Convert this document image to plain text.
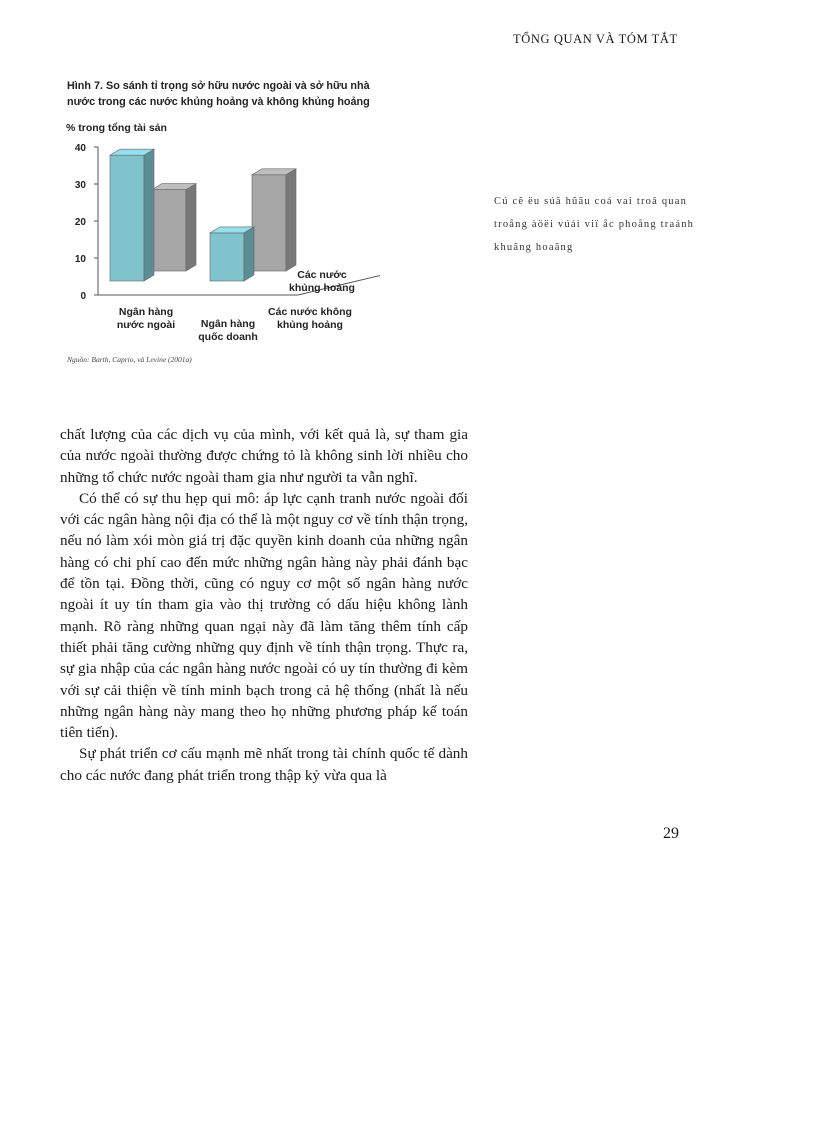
TỔNG QUAN VÀ TÓM TẮT
Hình 7. So sánh tỉ trọng sở hữu nước ngoài và sở hữu nhà
nước trong các nước khủng hoảng và không khủng hoảng
% trong tổng tài sản
0
10
20
30
40
Ngân hàng
nước ngoài Ngân hàng
quốc doanh
Các nước
khủng hoảng
Các nước không
khủng hoảng
Nguồn: Barth, Caprio, và Levine (2001a)
Cú cê ëu súã hũãu coá vai troâ quan
troång àöëi vúái viï åc phoång traánh
khuãng hoaãng

chất lượng của các dịch vụ của mình, với kết quả là, sự tham gia của nước ngoài thường được chứng tỏ là không sinh lời nhiều cho những tổ chức nước ngoài tham gia như người ta vẫn nghĩ.

Có thể có sự thu hẹp qui mô: áp lực cạnh tranh nước ngoài đối với các ngân hàng nội địa có thể là một nguy cơ về tính thận trọng, nếu nó làm xói mòn giá trị đặc quyền kinh doanh của những ngân hàng có chi phí cao đến mức những ngân hàng này phải đánh bạc để tồn tại. Đồng thời, cũng có nguy cơ một số ngân hàng nước ngoài ít uy tín tham gia vào thị trường có dấu hiệu không lành mạnh. Rõ ràng những quan ngại này đã làm tăng thêm tính cấp thiết phải tăng cường những quy định về tính thận trọng. Thực ra, sự gia nhập của các ngân hàng nước ngoài có uy tín thường đi kèm với sự cải thiện về tính minh bạch trong cả hệ thống (nhất là nếu những ngân hàng này mang theo họ những phương pháp kế toán tiên tiến).

Sự phát triển cơ cấu mạnh mẽ nhất trong tài chính quốc tế dành cho các nước đang phát triển trong thập kỷ vừa qua là

29
